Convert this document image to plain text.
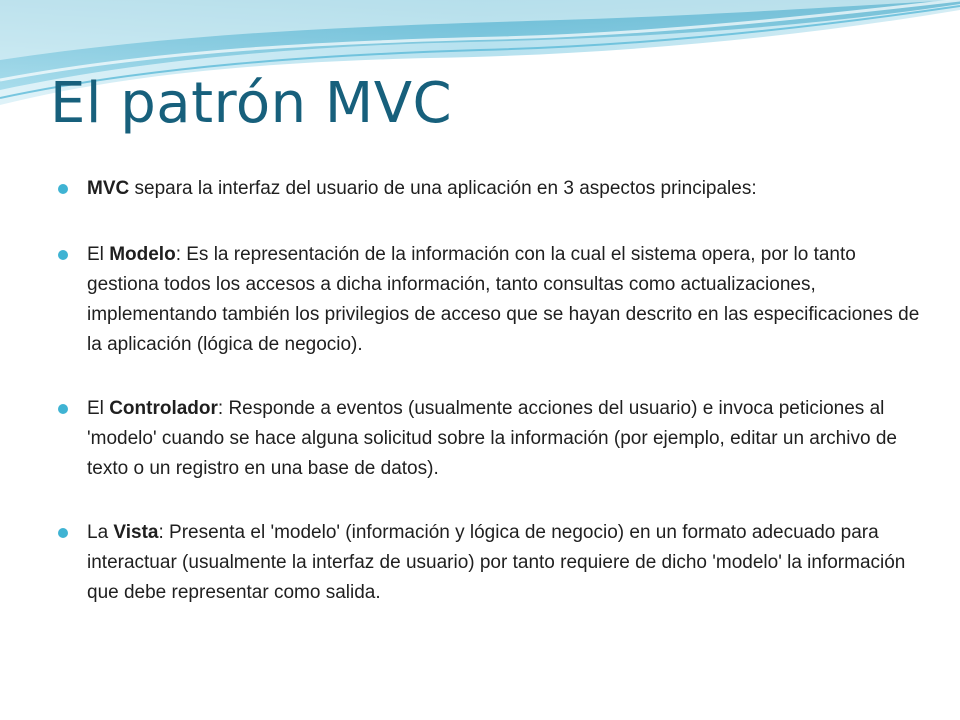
El patrón MVC
MVC separa la interfaz del usuario de una aplicación en 3 aspectos principales:
El Modelo: Es la representación de la información con la cual el sistema opera, por lo tanto gestiona todos los accesos a dicha información, tanto consultas como actualizaciones, implementando también los privilegios de acceso que se hayan descrito en las especificaciones de la aplicación (lógica de negocio).
El Controlador: Responde a eventos (usualmente acciones del usuario) e invoca peticiones al 'modelo' cuando se hace alguna solicitud sobre la información (por ejemplo, editar un archivo de texto o un registro en una base de datos).
La Vista: Presenta el 'modelo' (información y lógica de negocio) en un formato adecuado para interactuar (usualmente la interfaz de usuario) por tanto requiere de dicho 'modelo' la información que debe representar como salida.
